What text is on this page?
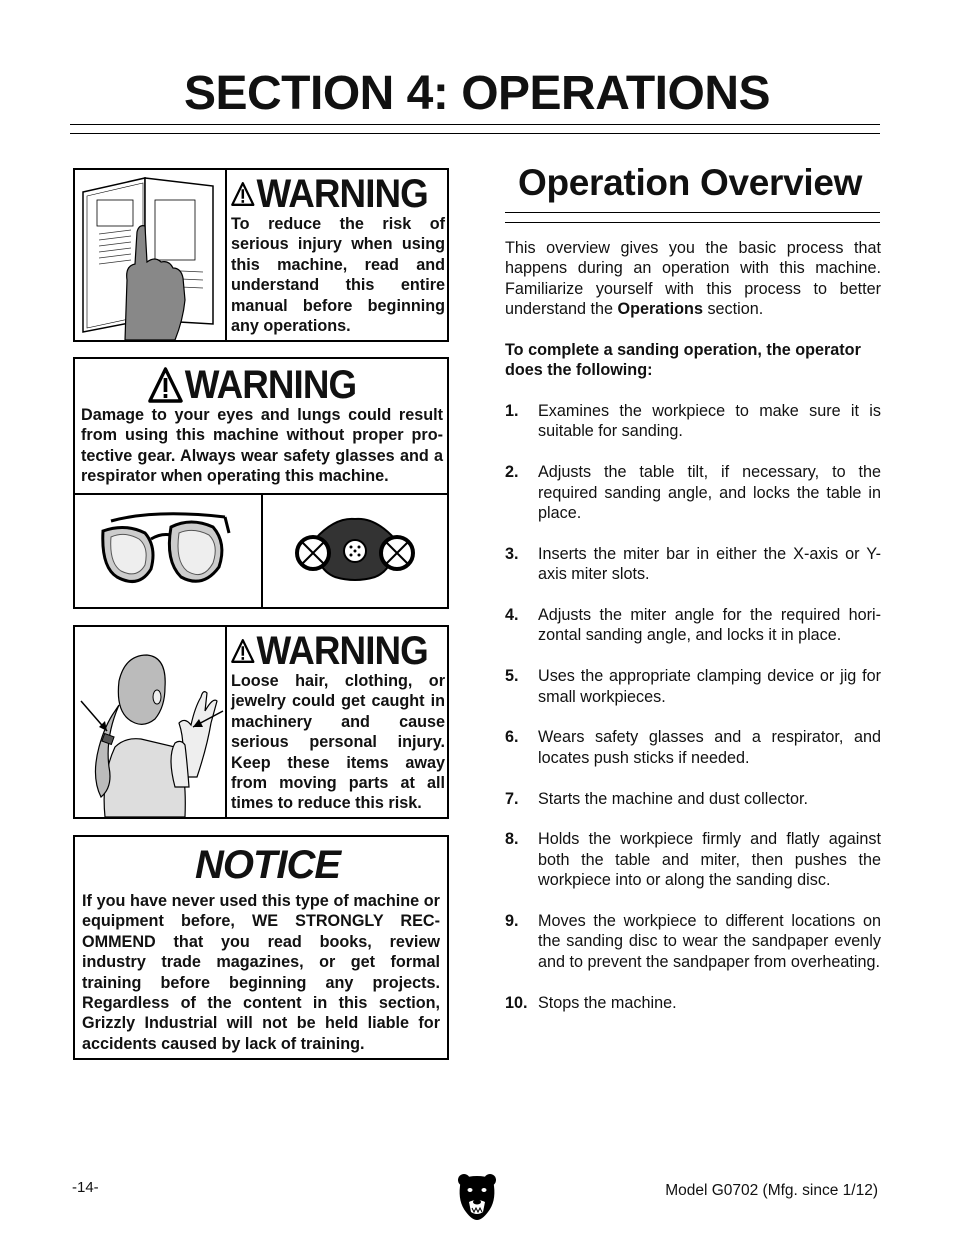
SECTION 4: OPERATIONS
WARNING
To reduce the risk of serious injury when using this machine, read and understand this entire manual before beginning any operations.
WARNING
Damage to your eyes and lungs could result from using this machine without proper pro-tective gear. Always wear safety glasses and a respirator when operating this machine.
WARNING
Loose hair, clothing, or jewelry could get caught in machinery and cause serious personal injury. Keep these items away from moving parts at all times to reduce this risk.
NOTICE
If you have never used this type of machine or equipment before, WE STRONGLY REC-OMMEND that you read books, review industry trade magazines, or get formal training before beginning any projects. Regardless of the content in this section, Grizzly Industrial will not be held liable for accidents caused by lack of training.
Operation Overview

This overview gives you the basic process that happens during an operation with this machine. Familiarize yourself with this process to better understand the Operations section.

To complete a sanding operation, the operator does the following:

1. Examines the workpiece to make sure it is suitable for sanding.
2. Adjusts the table tilt, if necessary, to the required sanding angle, and locks the table in place.
3. Inserts the miter bar in either the X-axis or Y-axis miter slots.
4. Adjusts the miter angle for the required hori-zontal sanding angle, and locks it in place.
5. Uses the appropriate clamping device or jig for small workpieces.
6. Wears safety glasses and a respirator, and locates push sticks if needed.
7. Starts the machine and dust collector.
8. Holds the workpiece firmly and flatly against both the table and miter, then pushes the workpiece into or along the sanding disc.
9. Moves the workpiece to different locations on the sanding disc to wear the sandpaper evenly and to prevent the sandpaper from overheating.
10. Stops the machine.
-14-	Model G0702 (Mfg. since 1/12)
